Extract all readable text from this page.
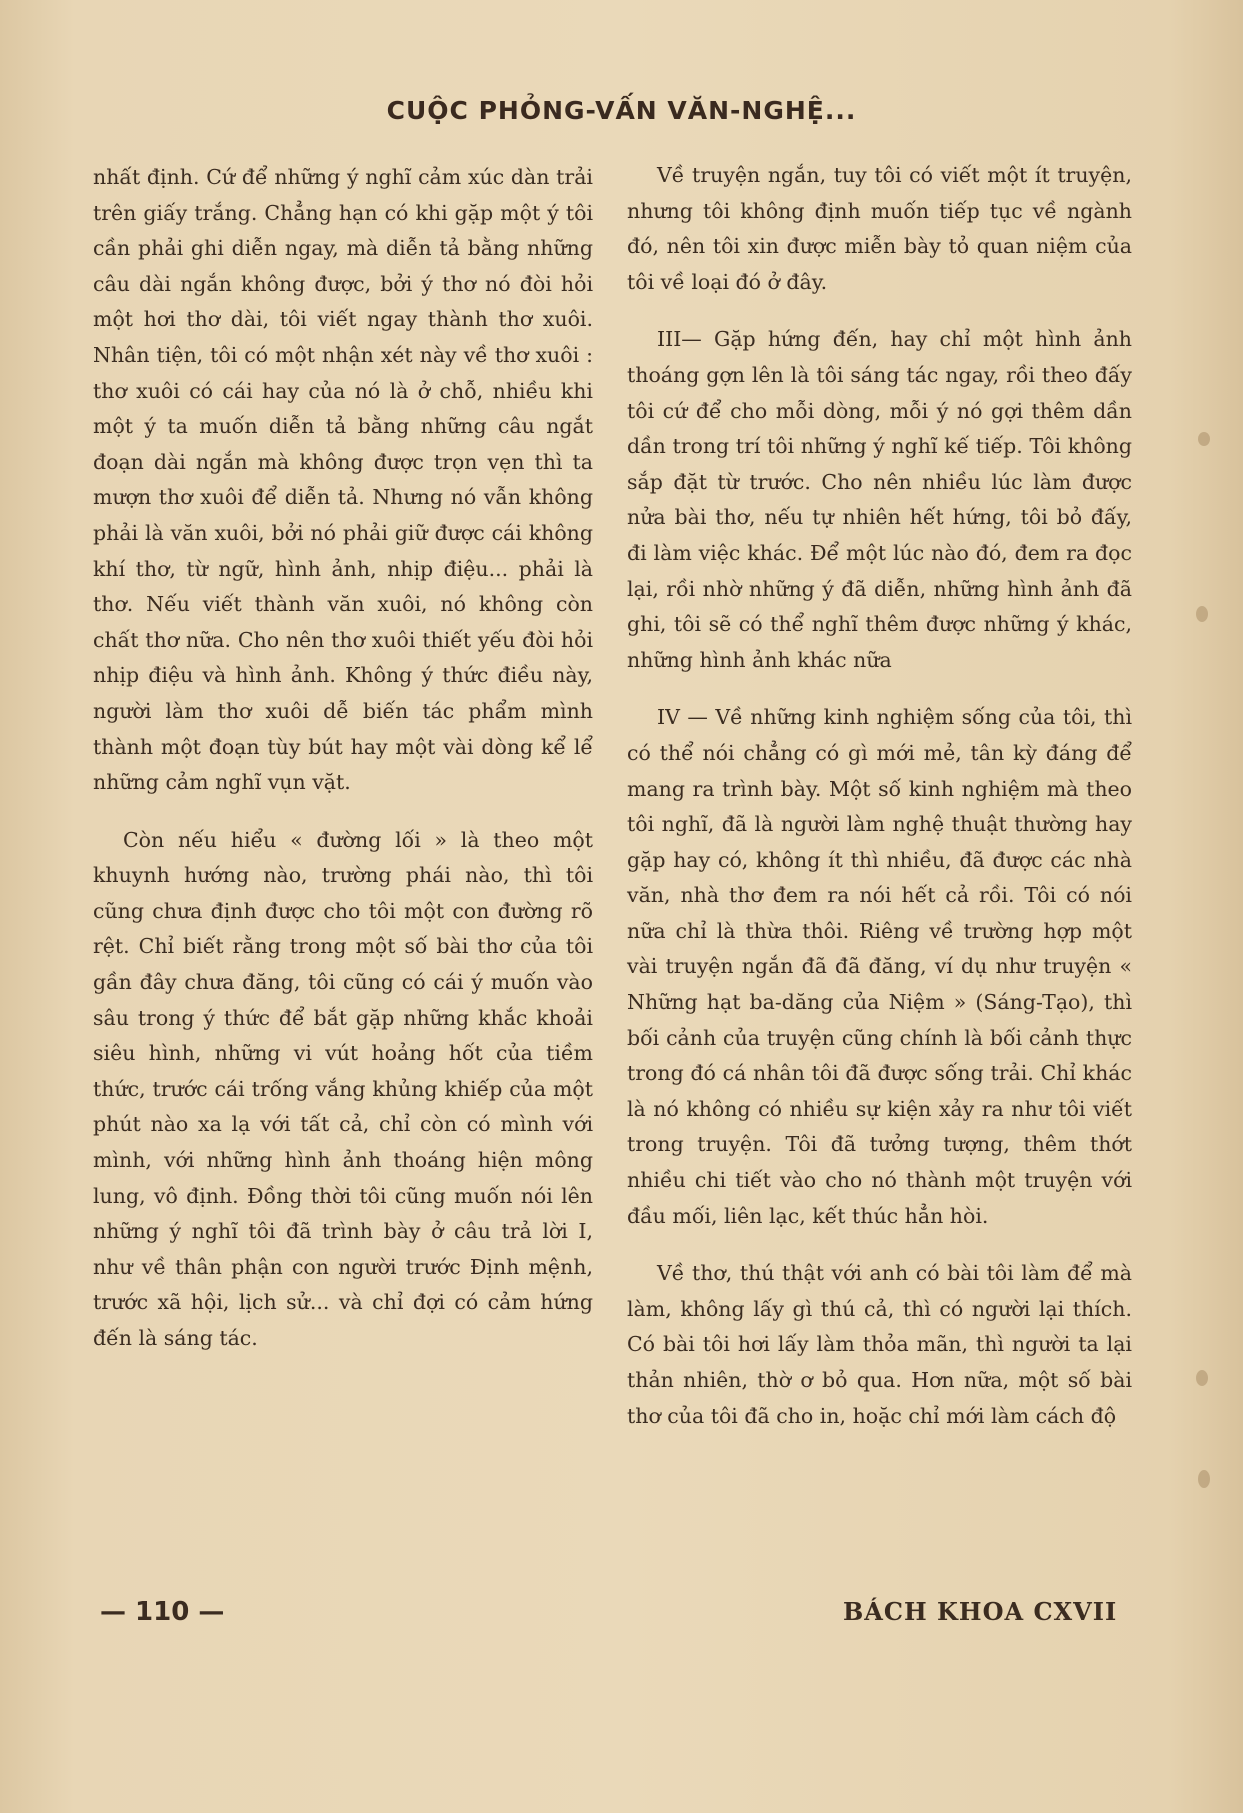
CUỘC PHỎNG-VẤN VĂN-NGHỆ...

nhất định. Cứ để những ý nghĩ cảm xúc dàn trải trên giấy trắng. Chẳng hạn có khi gặp một ý tôi cần phải ghi diễn ngay, mà diễn tả bằng những câu dài ngắn không được, bởi ý thơ nó đòi hỏi một hơi thơ dài, tôi viết ngay thành thơ xuôi. Nhân tiện, tôi có một nhận xét này về thơ xuôi : thơ xuôi có cái hay của nó là ở chỗ, nhiều khi một ý ta muốn diễn tả bằng những câu ngắt đoạn dài ngắn mà không được trọn vẹn thì ta mượn thơ xuôi để diễn tả. Nhưng nó vẫn không phải là văn xuôi, bởi nó phải giữ được cái không khí thơ, từ ngữ, hình ảnh, nhịp điệu... phải là thơ. Nếu viết thành văn xuôi, nó không còn chất thơ nữa. Cho nên thơ xuôi thiết yếu đòi hỏi nhịp điệu và hình ảnh. Không ý thức điều này, người làm thơ xuôi dễ biến tác phẩm mình thành một đoạn tùy bút hay một vài dòng kể lể những cảm nghĩ vụn vặt.

Còn nếu hiểu « đường lối » là theo một khuynh hướng nào, trường phái nào, thì tôi cũng chưa định được cho tôi một con đường rõ rệt. Chỉ biết rằng trong một số bài thơ của tôi gần đây chưa đăng, tôi cũng có cái ý muốn vào sâu trong ý thức để bắt gặp những khắc khoải siêu hình, những vi vút hoảng hốt của tiềm thức, trước cái trống vắng khủng khiếp của một phút nào xa lạ với tất cả, chỉ còn có mình với mình, với những hình ảnh thoáng hiện mông lung, vô định. Đồng thời tôi cũng muốn nói lên những ý nghĩ tôi đã trình bày ở câu trả lời I, như về thân phận con người trước Định mệnh, trước xã hội, lịch sử... và chỉ đợi có cảm hứng đến là sáng tác.

Về truyện ngắn, tuy tôi có viết một ít truyện, nhưng tôi không định muốn tiếp tục về ngành đó, nên tôi xin được miễn bày tỏ quan niệm của tôi về loại đó ở đây.

III— Gặp hứng đến, hay chỉ một hình ảnh thoáng gợn lên là tôi sáng tác ngay, rồi theo đấy tôi cứ để cho mỗi dòng, mỗi ý nó gợi thêm dần dần trong trí tôi những ý nghĩ kế tiếp. Tôi không sắp đặt từ trước. Cho nên nhiều lúc làm được nửa bài thơ, nếu tự nhiên hết hứng, tôi bỏ đấy, đi làm việc khác. Để một lúc nào đó, đem ra đọc lại, rồi nhờ những ý đã diễn, những hình ảnh đã ghi, tôi sẽ có thể nghĩ thêm được những ý khác, những hình ảnh khác nữa

IV — Về những kinh nghiệm sống của tôi, thì có thể nói chẳng có gì mới mẻ, tân kỳ đáng để mang ra trình bày. Một số kinh nghiệm mà theo tôi nghĩ, đã là người làm nghệ thuật thường hay gặp hay có, không ít thì nhiều, đã được các nhà văn, nhà thơ đem ra nói hết cả rồi. Tôi có nói nữa chỉ là thừa thôi. Riêng về trường hợp một vài truyện ngắn đã đã đăng, ví dụ như truyện « Những hạt ba-dăng của Niệm » (Sáng-Tạo), thì bối cảnh của truyện cũng chính là bối cảnh thực trong đó cá nhân tôi đã được sống trải. Chỉ khác là nó không có nhiều sự kiện xảy ra như tôi viết trong truyện. Tôi đã tưởng tượng, thêm thớt nhiều chi tiết vào cho nó thành một truyện với đầu mối, liên lạc, kết thúc hẳn hòi.

Về thơ, thú thật với anh có bài tôi làm để mà làm, không lấy gì thú cả, thì có người lại thích. Có bài tôi hơi lấy làm thỏa mãn, thì người ta lại thản nhiên, thờ ơ bỏ qua. Hơn nữa, một số bài thơ của tôi đã cho in, hoặc chỉ mới làm cách độ

— 110 —	BÁCH KHOA CXVII
